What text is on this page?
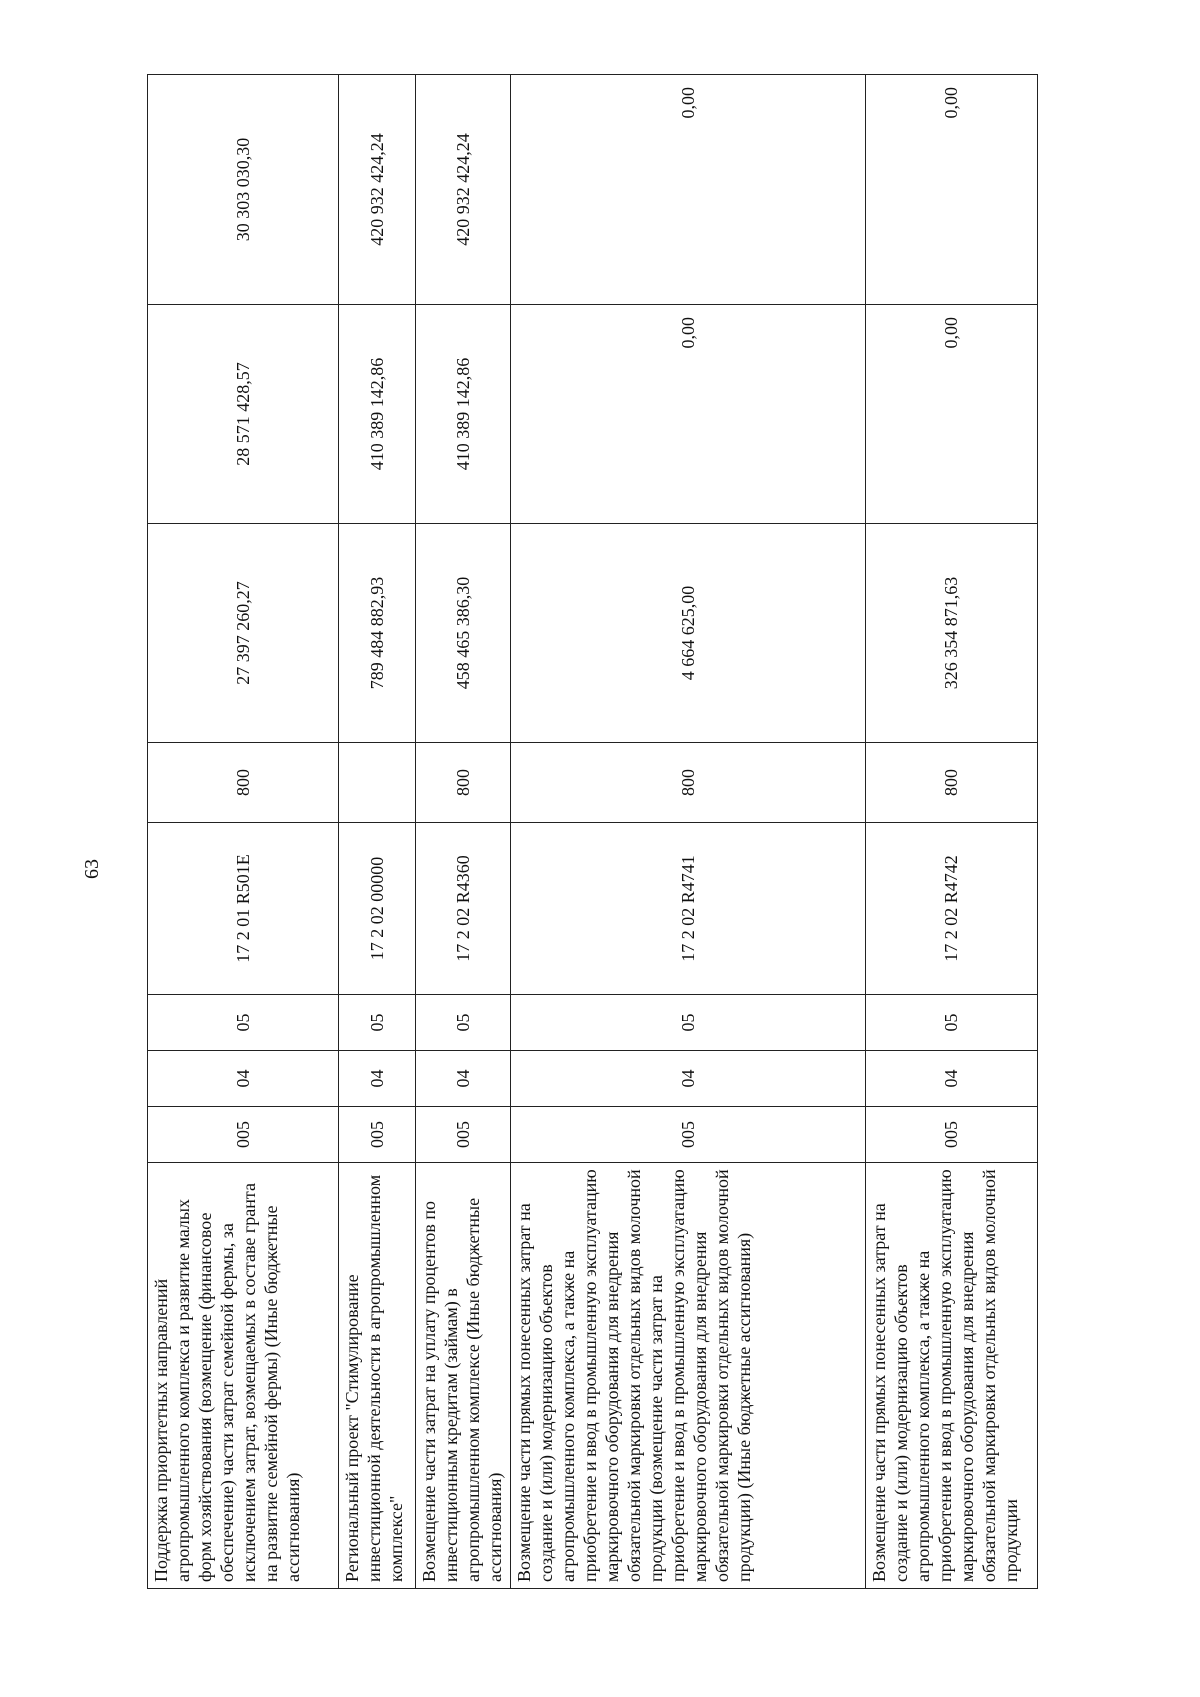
63
Поддержка приоритетных направлений агропромышленного комплекса и развитие малых форм хозяйствования (возмещение (финансовое обеспечение) части затрат семейной фермы, за исключением затрат, возмещаемых в составе гранта на развитие семейной фермы) (Иные бюджетные ассигнования)	005	04	05	17 2 01 R501E	800	27 397 260,27	28 571 428,57	30 303 030,30
Региональный проект "Стимулирование инвестиционной деятельности в агропромышленном комплексе"	005	04	05	17 2 02 00000		789 484 882,93	410 389 142,86	420 932 424,24
Возмещение части затрат на уплату процентов по инвестиционным кредитам (займам) в агропромышленном комплексе (Иные бюджетные ассигнования)	005	04	05	17 2 02 R4360	800	458 465 386,30	410 389 142,86	420 932 424,24
Возмещение части прямых понесенных затрат на создание и (или) модернизацию объектов агропромышленного комплекса, а также на приобретение и ввод в промышленную эксплуатацию маркировочного оборудования для внедрения обязательной маркировки отдельных видов молочной продукции (возмещение части затрат на приобретение и ввод в промышленную эксплуатацию маркировочного оборудования для внедрения обязательной маркировки отдельных видов молочной продукции) (Иные бюджетные ассигнования)	005	04	05	17 2 02 R4741	800	4 664 625,00	0,00	0,00
Возмещение части прямых понесенных затрат на создание и (или) модернизацию объектов агропромышленного комплекса, а также на приобретение и ввод в промышленную эксплуатацию маркировочного оборудования для внедрения обязательной маркировки отдельных видов молочной продукции	005	04	05	17 2 02 R4742	800	326 354 871,63	0,00	0,00
